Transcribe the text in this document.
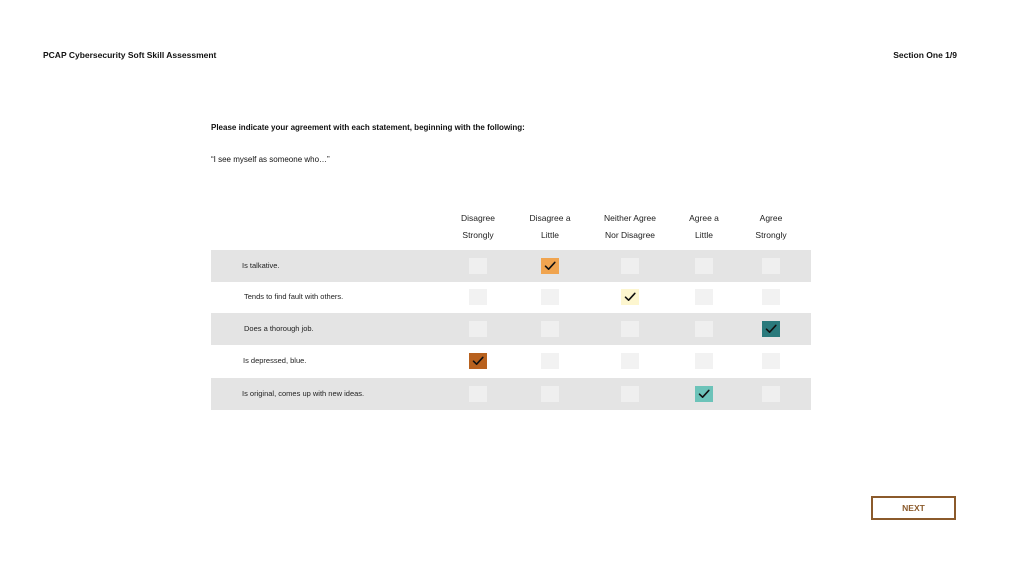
PCAP Cybersecurity Soft Skill Assessment	Section One 1/9
Please indicate your agreement with each statement, beginning with the following:
“I see myself as someone who…”
Disagree
Strongly
Disagree a
Little
Neither Agree
Nor Disagree
Agree a
Little
Agree
Strongly
Is talkative.
Tends to find fault with others.
Does a thorough job.
Is depressed, blue.
Is original, comes up with new ideas.
NEXT
